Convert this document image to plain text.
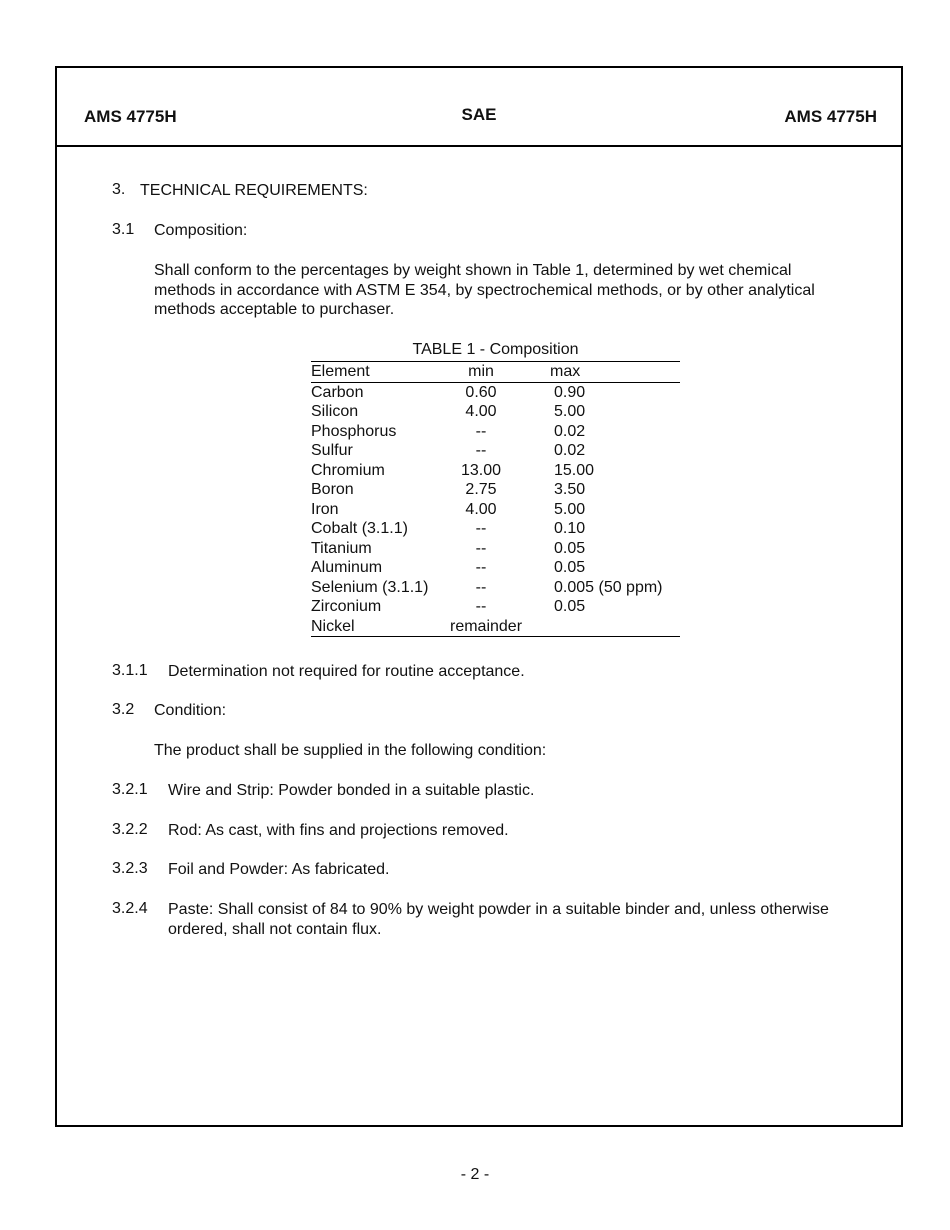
AMS 4775H	SAE	AMS 4775H
3. TECHNICAL REQUIREMENTS:
3.1 Composition:
Shall conform to the percentages by weight shown in Table 1, determined by wet chemical
methods in accordance with ASTM E 354, by spectrochemical methods, or by other analytical
methods acceptable to purchaser.
TABLE 1 - Composition
Element	min	max
Carbon	0.60	0.90
Silicon	4.00	5.00
Phosphorus	--	0.02
Sulfur	--	0.02
Chromium	13.00	15.00
Boron	2.75	3.50
Iron	4.00	5.00
Cobalt (3.1.1)	--	0.10
Titanium	--	0.05
Aluminum	--	0.05
Selenium (3.1.1)	--	0.005 (50 ppm)
Zirconium	--	0.05
Nickel	remainder
3.1.1 Determination not required for routine acceptance.
3.2 Condition:
The product shall be supplied in the following condition:
3.2.1 Wire and Strip: Powder bonded in a suitable plastic.
3.2.2 Rod: As cast, with fins and projections removed.
3.2.3 Foil and Powder: As fabricated.
3.2.4 Paste: Shall consist of 84 to 90% by weight powder in a suitable binder and, unless otherwise
ordered, shall not contain flux.
- 2 -
